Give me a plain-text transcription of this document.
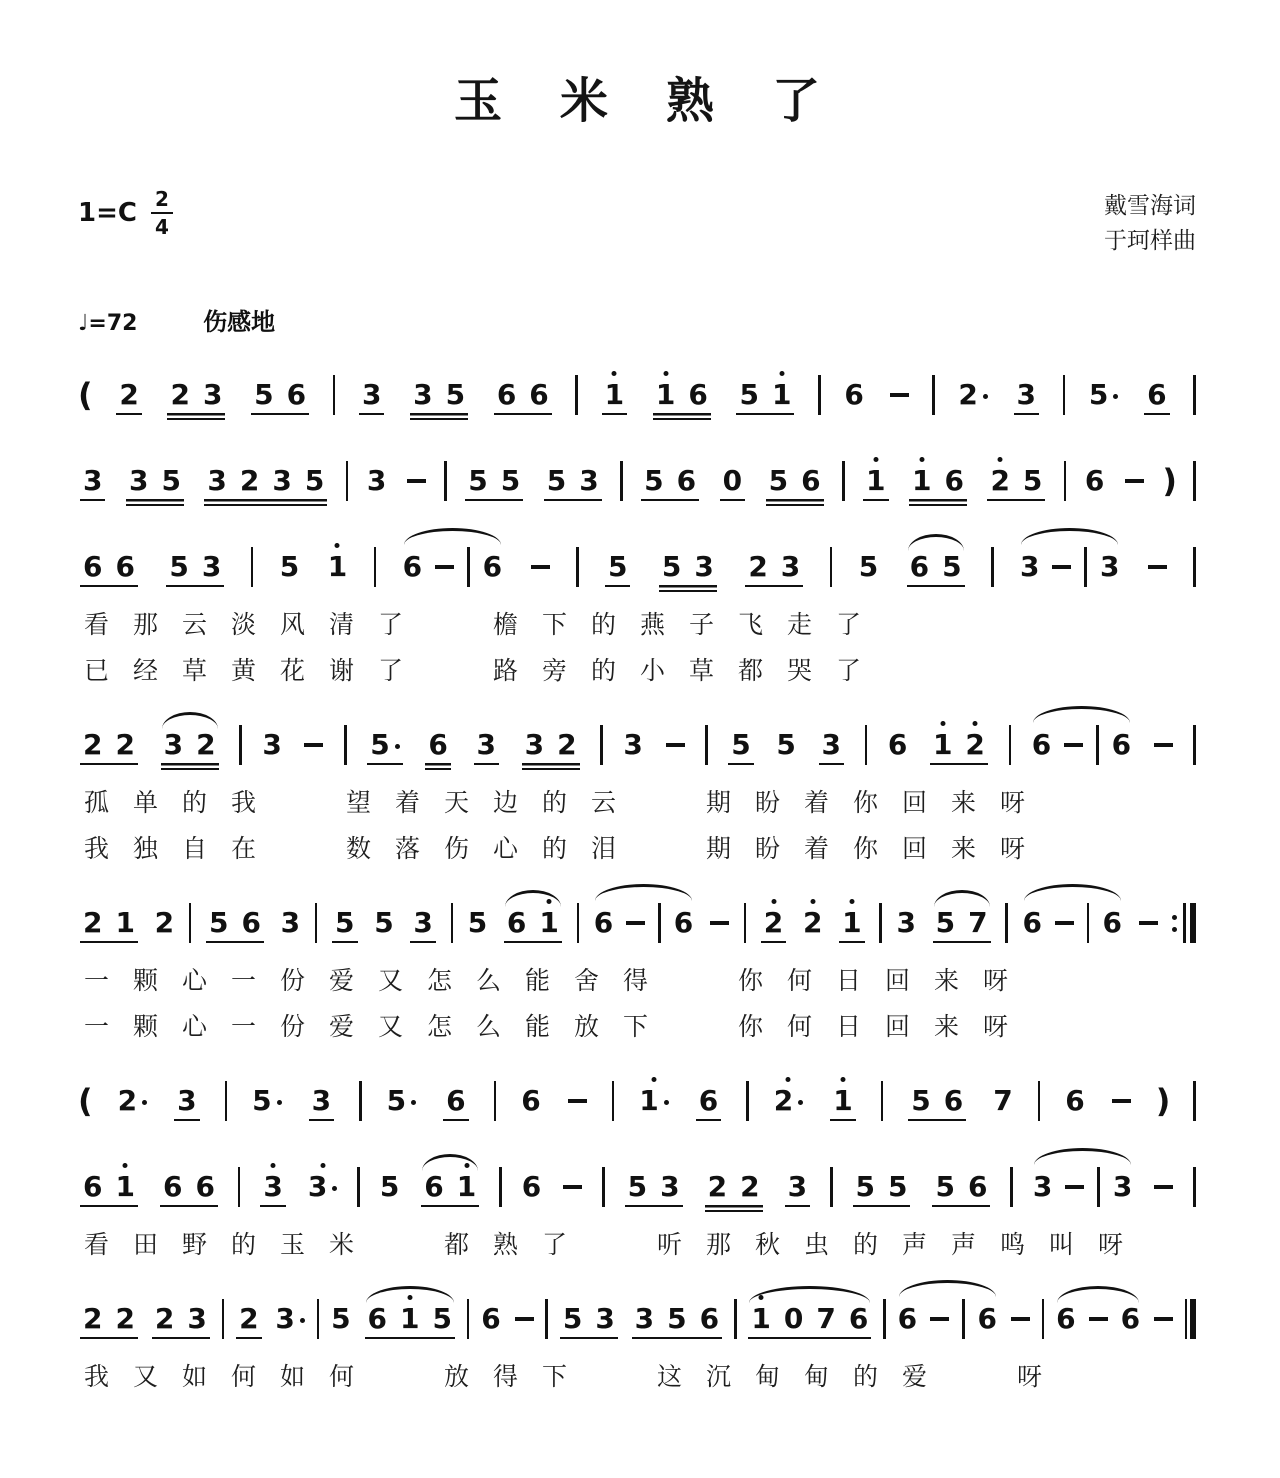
玉米熟了
$1=C \frac{2}{4}$	戴雪海词
于珂样曲
♩=72	伤感地
( 2 2 3 5 6 3 3 5 6 6 1 1 6 5 1 6	2	3 5	6
3 3 5 3 2 3 5 3	5 5 5 3 5 6 0 5 6 1 1 6 2 5 6 )
6 6 5 3 5 1 6 6	5 5 3 2 3 5 6 5 3 3
看那云淡风清了	檐下的燕子飞走了
已经草黄花谢了	路旁的小草都哭了
2 2 3 2 3	5	6 3 3 2 3	5 5 3 6 1 2 6 6
孤单的我	望着天边的云	期盼着你回来呀
我独自在	数落伤心的泪	期盼着你回来呀
2 1 2 5 6 3 5 5 3 5 6 1 6 6	2 2 1 3 5 7 6 6
一颗心一份爱又怎么能舍得	你何日回来呀
一颗心一份爱又怎么能放下	你何日回来呀
( 2	3 5	3 5	6 6	1	6 2	1 5 6 7 6 )
6 1 6 6 3 3	5 6 1 6	5 3 2 2 3 5 5 5 6 3 3
看田野的玉米	都熟了	听那秋虫的声声鸣叫呀
2 2 2 3 2 3	5 6 1 5 6 5 3 3 5 6 1 0 7 6 6 6 6 6
我又如何如何	放得下	这沉甸甸的爱	呀
